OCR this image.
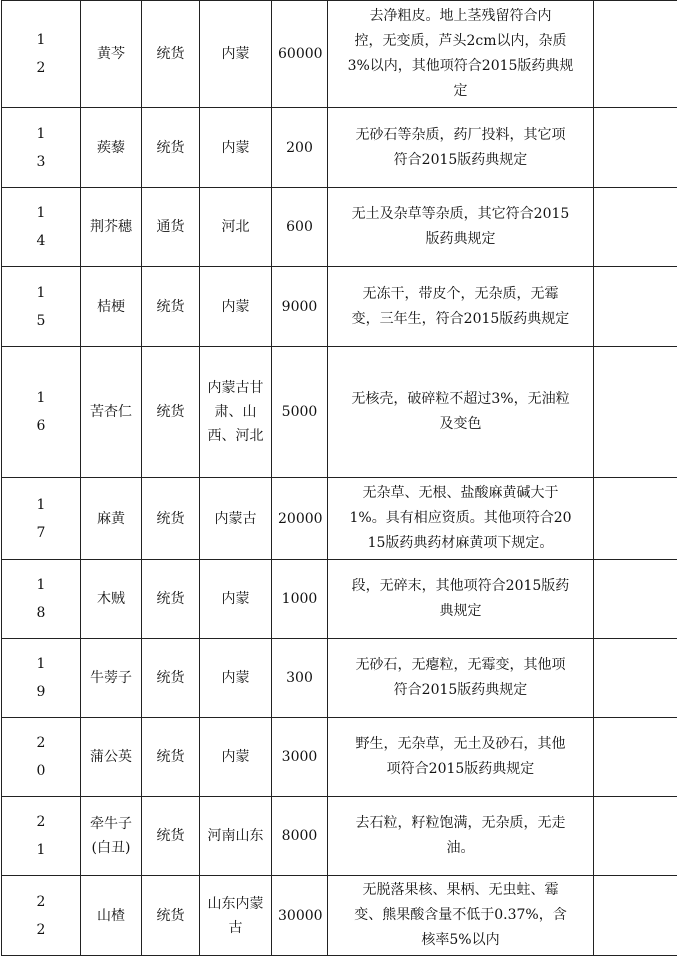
1
2	黄芩	统货	内蒙	60000	去净粗皮。地上茎残留符合内
控，无变质，芦头2cm以内，杂质
3%以内，其他项符合2015版药典规
定	

1
3	蒺藜	统货	内蒙	200	无砂石等杂质，药厂投料，其它项
符合2015版药典规定	

1
4	荆芥穗	通货	河北	600	无土及杂草等杂质，其它符合2015
版药典规定	

1
5	桔梗	统货	内蒙	9000	无冻干，带皮个，无杂质，无霉
变，三年生，符合2015版药典规定	

1
6	苦杏仁	统货	内蒙古甘肃、山西、河北	5000	无核壳，破碎粒不超过3%，无油粒
及变色	

1
7	麻黄	统货	内蒙古	20000	无杂草、无根、盐酸麻黄碱大于
1%。具有相应资质。其他项符合20
15版药典药材麻黄项下规定。	

1
8	木贼	统货	内蒙	1000	段，无碎末，其他项符合2015版药
典规定	

1
9	牛蒡子	统货	内蒙	300	无砂石，无瘪粒，无霉变，其他项
符合2015版药典规定	

2
0	蒲公英	统货	内蒙	3000	野生，无杂草，无土及砂石，其他
项符合2015版药典规定	

2
1	牵牛子(白丑)	统货	河南山东	8000	去石粒，籽粒饱满，无杂质，无走
油。	

2
2	山楂	统货	山东内蒙古	30000	无脱落果核、果柄、无虫蛀、霉
变、熊果酸含量不低于0.37%，含
核率5%以内	
